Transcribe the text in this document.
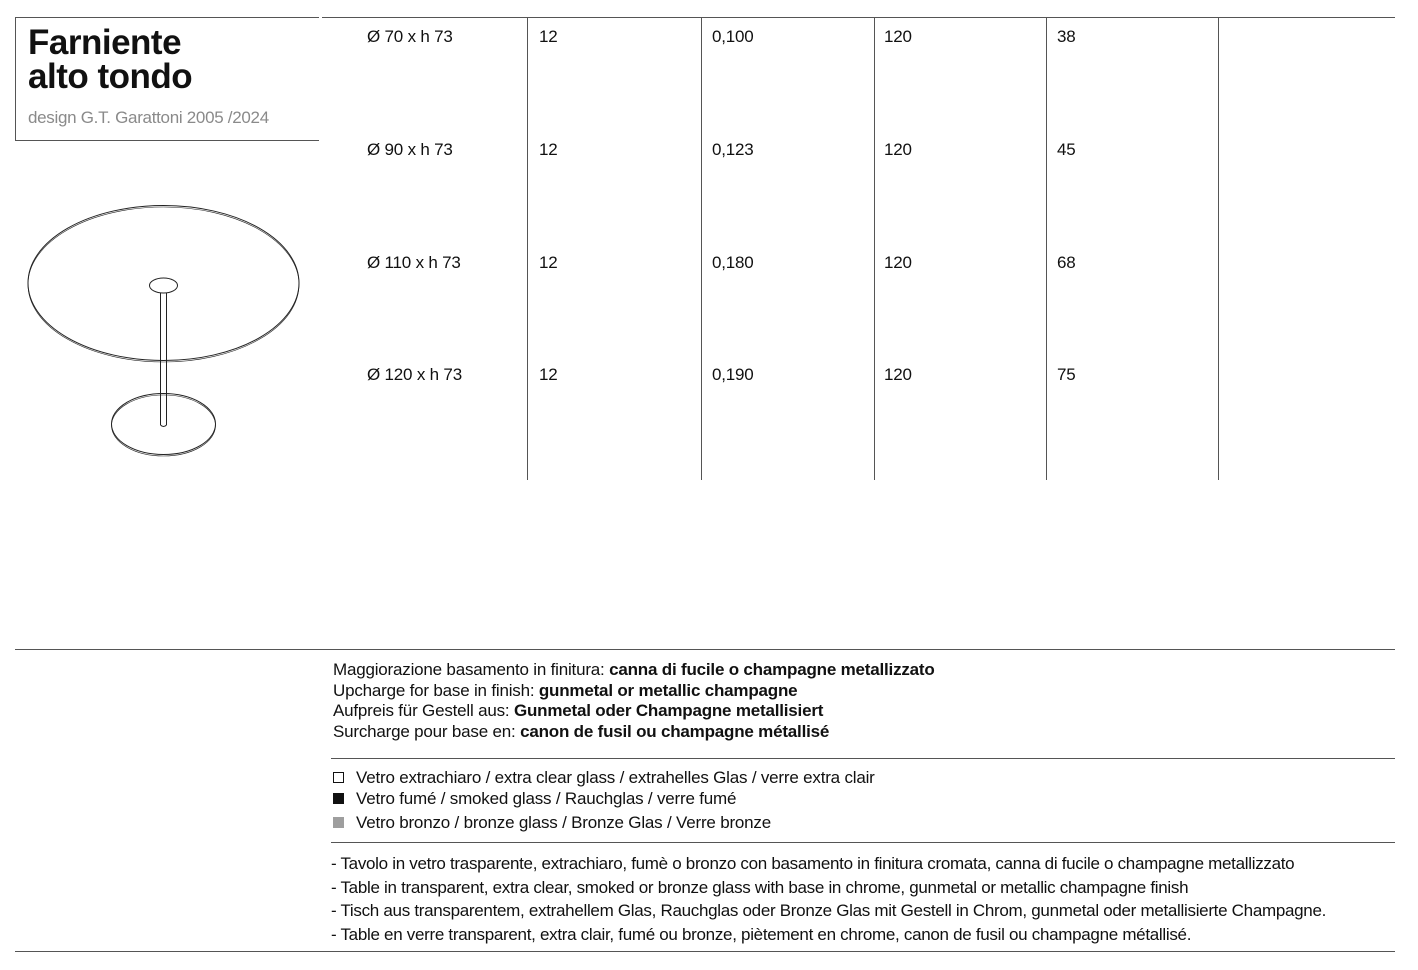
Farniente
alto tondo
design G.T. Garattoni 2005 /2024
Ø 70 x h 73	12	0,100	120	38
Ø 90 x h 73	12	0,123	120	45
Ø 110 x h 73	12	0,180	120	68
Ø 120 x h 73	12	0,190	120	75
Maggiorazione basamento in finitura: canna di fucile o champagne metallizzato
Upcharge for base in finish: gunmetal or metallic champagne
Aufpreis für Gestell aus: Gunmetal oder Champagne metallisiert
Surcharge pour base en: canon de fusil ou champagne métallisé
Vetro extrachiaro / extra clear glass / extrahelles Glas / verre extra clair
Vetro fumé / smoked glass / Rauchglas / verre fumé
Vetro bronzo / bronze glass / Bronze Glas / Verre bronze
- Tavolo in vetro trasparente, extrachiaro, fumè o bronzo con basamento in finitura cromata, canna di fucile o champagne metallizzato
- Table in transparent, extra clear, smoked or bronze glass with base in chrome, gunmetal or metallic champagne finish
- Tisch aus transparentem, extrahellem Glas, Rauchglas oder Bronze Glas mit Gestell in Chrom, gunmetal oder metallisierte Champagne.
- Table en verre transparent, extra clair, fumé ou bronze, piètement en chrome, canon de fusil ou champagne métallisé.
